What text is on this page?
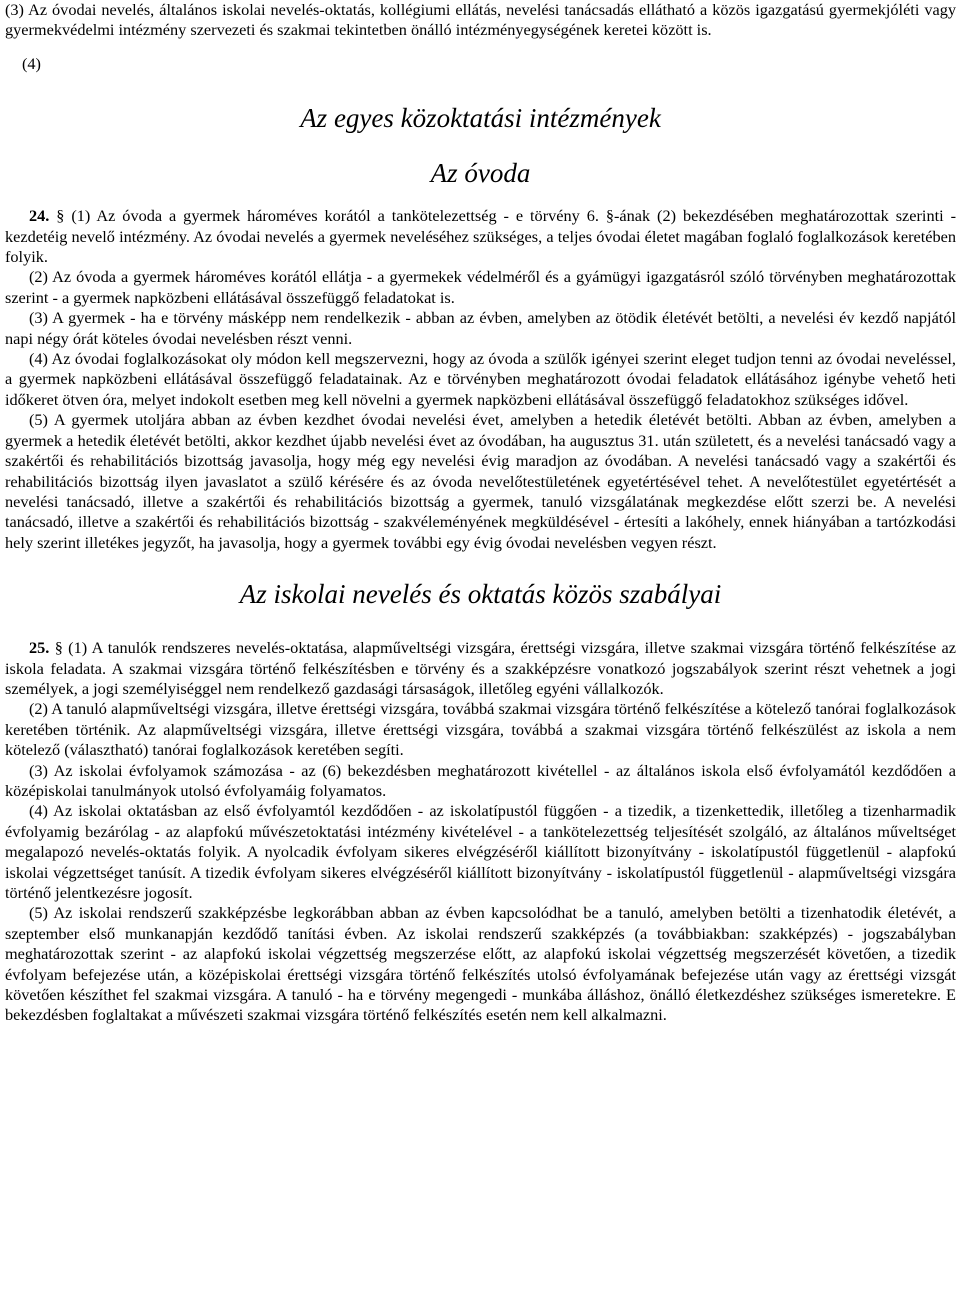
(3) Az óvodai nevelés, általános iskolai nevelés-oktatás, kollégiumi ellátás, nevelési tanácsadás ellátható a közös igazgatású gyermekjóléti vagy gyermekvédelmi intézmény szervezeti és szakmai tekintetben önálló intézményegységének keretei között is.

(4)

Az egyes közoktatási intézmények
Az óvoda

24. § (1) Az óvoda a gyermek hároméves korától a tankötelezettség - e törvény 6. §-ának (2) bekezdésében meghatározottak szerinti - kezdetéig nevelő intézmény. Az óvodai nevelés a gyermek neveléséhez szükséges, a teljes óvodai életet magában foglaló foglalkozások keretében folyik.

(2) Az óvoda a gyermek hároméves korától ellátja - a gyermekek védelméről és a gyámügyi igazgatásról szóló törvényben meghatározottak szerint - a gyermek napközbeni ellátásával összefüggő feladatokat is.

(3) A gyermek - ha e törvény másképp nem rendelkezik - abban az évben, amelyben az ötödik életévét betölti, a nevelési év kezdő napjától napi négy órát köteles óvodai nevelésben részt venni.

(4) Az óvodai foglalkozásokat oly módon kell megszervezni, hogy az óvoda a szülők igényei szerint eleget tudjon tenni az óvodai neveléssel, a gyermek napközbeni ellátásával összefüggő feladatainak. Az e törvényben meghatározott óvodai feladatok ellátásához igénybe vehető heti időkeret ötven óra, melyet indokolt esetben meg kell növelni a gyermek napközbeni ellátásával összefüggő feladatokhoz szükséges idővel.

(5) A gyermek utoljára abban az évben kezdhet óvodai nevelési évet, amelyben a hetedik életévét betölti. Abban az évben, amelyben a gyermek a hetedik életévét betölti, akkor kezdhet újabb nevelési évet az óvodában, ha augusztus 31. után született, és a nevelési tanácsadó vagy a szakértői és rehabilitációs bizottság javasolja, hogy még egy nevelési évig maradjon az óvodában. A nevelési tanácsadó vagy a szakértői és rehabilitációs bizottság ilyen javaslatot a szülő kérésére és az óvoda nevelőtestületének egyetértésével tehet. A nevelőtestület egyetértését a nevelési tanácsadó, illetve a szakértői és rehabilitációs bizottság a gyermek, tanuló vizsgálatának megkezdése előtt szerzi be. A nevelési tanácsadó, illetve a szakértői és rehabilitációs bizottság - szakvéleményének megküldésével - értesíti a lakóhely, ennek hiányában a tartózkodási hely szerint illetékes jegyzőt, ha javasolja, hogy a gyermek további egy évig óvodai nevelésben vegyen részt.

Az iskolai nevelés és oktatás közös szabályai

25. § (1) A tanulók rendszeres nevelés-oktatása, alapműveltségi vizsgára, érettségi vizsgára, illetve szakmai vizsgára történő felkészítése az iskola feladata. A szakmai vizsgára történő felkészítésben e törvény és a szakképzésre vonatkozó jogszabályok szerint részt vehetnek a jogi személyek, a jogi személyiséggel nem rendelkező gazdasági társaságok, illetőleg egyéni vállalkozók.

(2) A tanuló alapműveltségi vizsgára, illetve érettségi vizsgára, továbbá szakmai vizsgára történő felkészítése a kötelező tanórai foglalkozások keretében történik. Az alapműveltségi vizsgára, illetve érettségi vizsgára, továbbá a szakmai vizsgára történő felkészülést az iskola a nem kötelező (választható) tanórai foglalkozások keretében segíti.

(3) Az iskolai évfolyamok számozása - az (6) bekezdésben meghatározott kivétellel - az általános iskola első évfolyamától kezdődően a középiskolai tanulmányok utolsó évfolyamáig folyamatos.

(4) Az iskolai oktatásban az első évfolyamtól kezdődően - az iskolatípustól függően - a tizedik, a tizenkettedik, illetőleg a tizenharmadik évfolyamig bezárólag - az alapfokú művészetoktatási intézmény kivételével - a tankötelezettség teljesítését szolgáló, az általános műveltséget megalapozó nevelés-oktatás folyik. A nyolcadik évfolyam sikeres elvégzéséről kiállított bizonyítvány - iskolatípustól függetlenül - alapfokú iskolai végzettséget tanúsít. A tizedik évfolyam sikeres elvégzéséről kiállított bizonyítvány - iskolatípustól függetlenül - alapműveltségi vizsgára történő jelentkezésre jogosít.

(5) Az iskolai rendszerű szakképzésbe legkorábban abban az évben kapcsolódhat be a tanuló, amelyben betölti a tizenhatodik életévét, a szeptember első munkanapján kezdődő tanítási évben. Az iskolai rendszerű szakképzés (a továbbiakban: szakképzés) - jogszabályban meghatározottak szerint - az alapfokú iskolai végzettség megszerzése előtt, az alapfokú iskolai végzettség megszerzését követően, a tizedik évfolyam befejezése után, a középiskolai érettségi vizsgára történő felkészítés utolsó évfolyamának befejezése után vagy az érettségi vizsgát követően készíthet fel szakmai vizsgára. A tanuló - ha e törvény megengedi - munkába álláshoz, önálló életkezdéshez szükséges ismeretekre. E bekezdésben foglaltakat a művészeti szakmai vizsgára történő felkészítés esetén nem kell alkalmazni.
